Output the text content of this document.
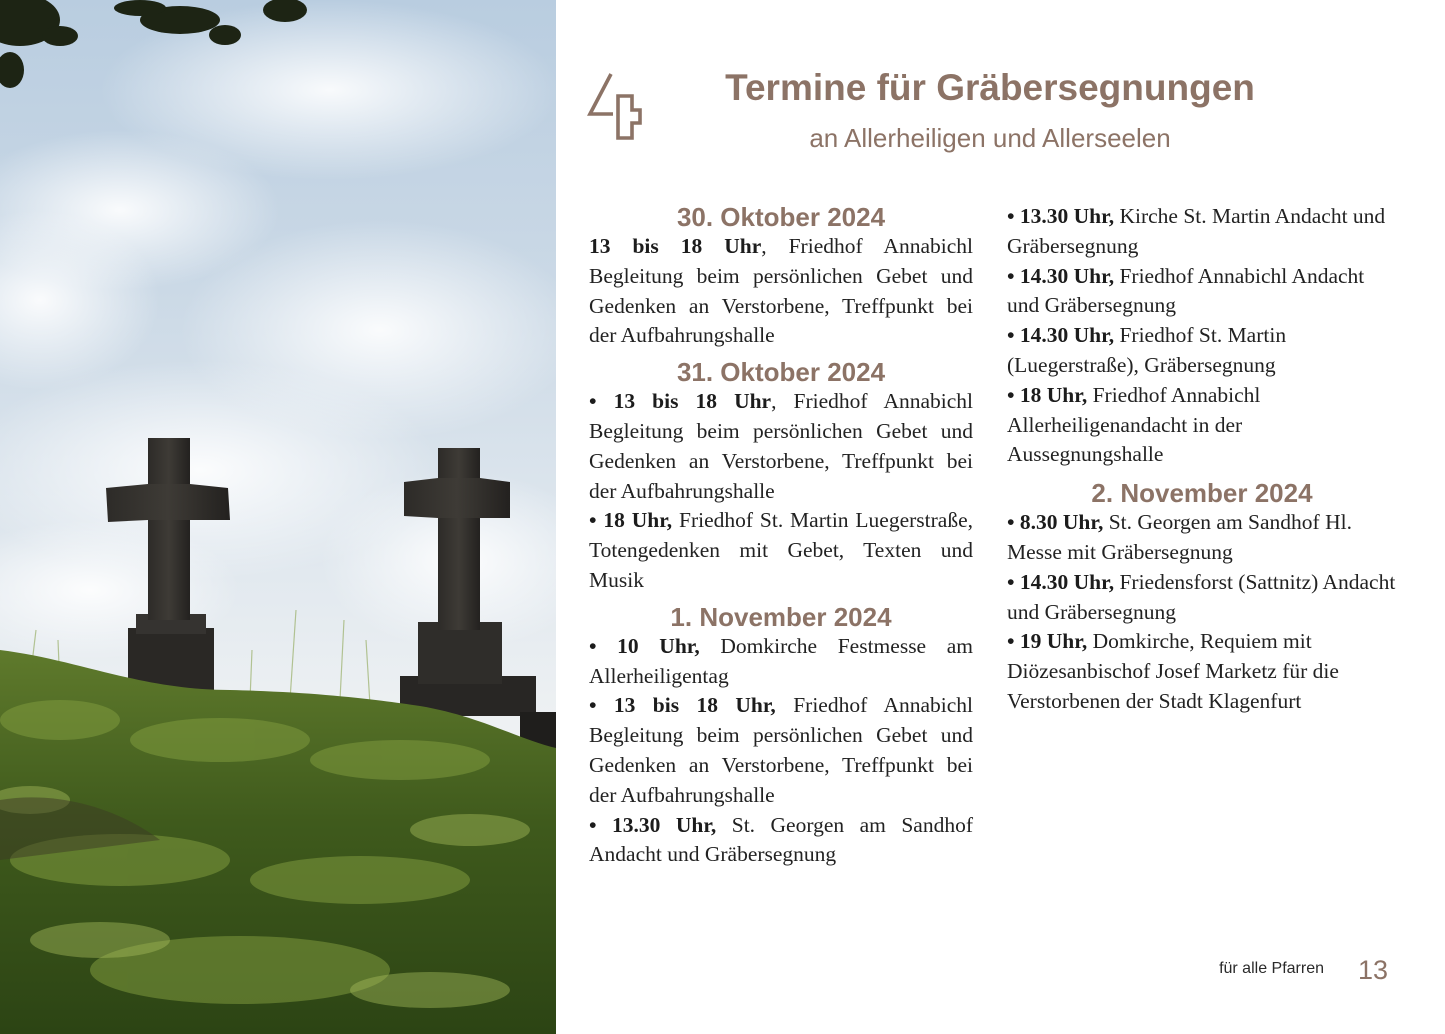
Termine für Gräbersegnungen

an Allerheiligen und Allerseelen

30. Oktober 2024

13 bis 18 Uhr, Friedhof Annabichl Begleitung beim persönlichen Gebet und Gedenken an Verstorbene, Treffpunkt bei der Aufbahrungshalle

31. Oktober 2024

• 13 bis 18 Uhr, Friedhof Annabichl Begleitung beim persönlichen Gebet und Gedenken an Verstorbene, Treffpunkt bei der Aufbahrungshalle

• 18 Uhr, Friedhof St. Martin Luegerstraße, Totengedenken mit Gebet, Texten und Musik

1. November 2024

• 10 Uhr, Domkirche Festmesse am Allerheiligentag

• 13 bis 18 Uhr, Friedhof Annabichl Begleitung beim persönlichen Gebet und Gedenken an Verstorbene, Treffpunkt bei der Aufbahrungshalle

• 13.30 Uhr, St. Georgen am Sandhof Andacht und Gräbersegnung

• 13.30 Uhr, Kirche St. Martin Andacht und Gräbersegnung

• 14.30 Uhr, Friedhof Annabichl Andacht und Gräbersegnung

• 14.30 Uhr, Friedhof St. Martin (Luegerstraße), Gräbersegnung

• 18 Uhr, Friedhof Annabichl Allerheiligenandacht in der Aussegnungshalle

2. November 2024

• 8.30 Uhr, St. Georgen am Sandhof Hl. Messe mit Gräbersegnung

• 14.30 Uhr, Friedensforst (Sattnitz) Andacht und Gräbersegnung

• 19 Uhr, Domkirche, Requiem mit Diözesanbischof Josef Marketz für die Verstorbenen der Stadt Klagenfurt

für alle Pfarren 13
